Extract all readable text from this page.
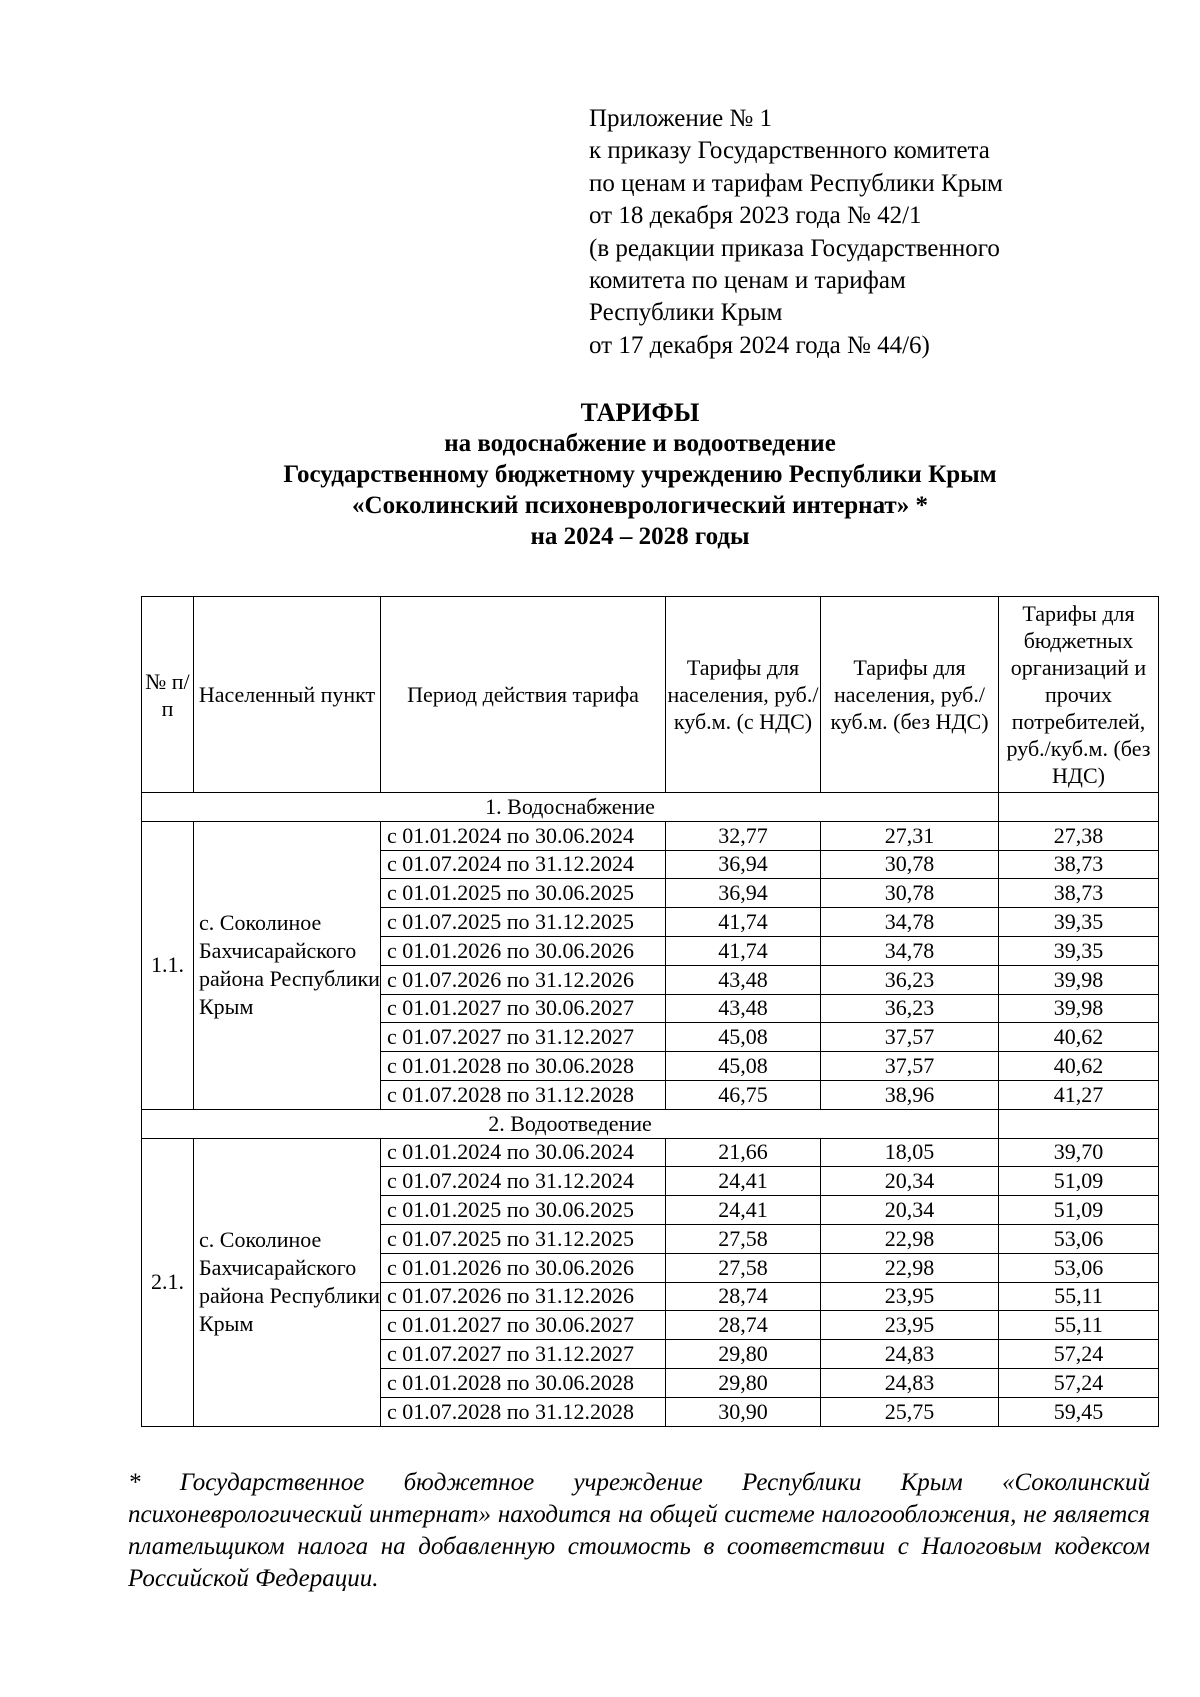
Приложение № 1
к приказу Государственного комитета
по ценам и тарифам Республики Крым
от 18 декабря 2023 года № 42/1
(в редакции приказа Государственного
комитета по ценам и тарифам
Республики Крым
от 17 декабря 2024 года № 44/6)
ТАРИФЫ
на водоснабжение и водоотведение
Государственному бюджетному учреждению Республики Крым
«Соколинский психоневрологический интернат» *
на 2024 – 2028 годы
№ п/п	Населенный пункт	Период действия тарифа	Тарифы для населения, руб./куб.м. (с НДС)	Тарифы для населения, руб./куб.м. (без НДС)	Тарифы для бюджетных организаций и прочих потребителей, руб./куб.м. (без НДС)
1. Водоснабжение					
1.1.	с. Соколиное Бахчисарайского района Республики Крым	с 01.01.2024 по 30.06.2024	32,77	27,31	27,38
		с 01.07.2024 по 31.12.2024	36,94	30,78	38,73
		с 01.01.2025 по 30.06.2025	36,94	30,78	38,73
		с 01.07.2025 по 31.12.2025	41,74	34,78	39,35
		с 01.01.2026 по 30.06.2026	41,74	34,78	39,35
		с 01.07.2026 по 31.12.2026	43,48	36,23	39,98
		с 01.01.2027 по 30.06.2027	43,48	36,23	39,98
		с 01.07.2027 по 31.12.2027	45,08	37,57	40,62
		с 01.01.2028 по 30.06.2028	45,08	37,57	40,62
		с 01.07.2028 по 31.12.2028	46,75	38,96	41,27
2. Водоотведение					
2.1.	с. Соколиное Бахчисарайского района Республики Крым	с 01.01.2024 по 30.06.2024	21,66	18,05	39,70
		с 01.07.2024 по 31.12.2024	24,41	20,34	51,09
		с 01.01.2025 по 30.06.2025	24,41	20,34	51,09
		с 01.07.2025 по 31.12.2025	27,58	22,98	53,06
		с 01.01.2026 по 30.06.2026	27,58	22,98	53,06
		с 01.07.2026 по 31.12.2026	28,74	23,95	55,11
		с 01.01.2027 по 30.06.2027	28,74	23,95	55,11
		с 01.07.2027 по 31.12.2027	29,80	24,83	57,24
		с 01.01.2028 по 30.06.2028	29,80	24,83	57,24
		с 01.07.2028 по 31.12.2028	30,90	25,75	59,45
* Государственное бюджетное учреждение Республики Крым «Соколинский психоневрологический интернат» находится на общей системе налогообложения, не является плательщиком налога на добавленную стоимость в соответствии с Налоговым кодексом Российской Федерации.
